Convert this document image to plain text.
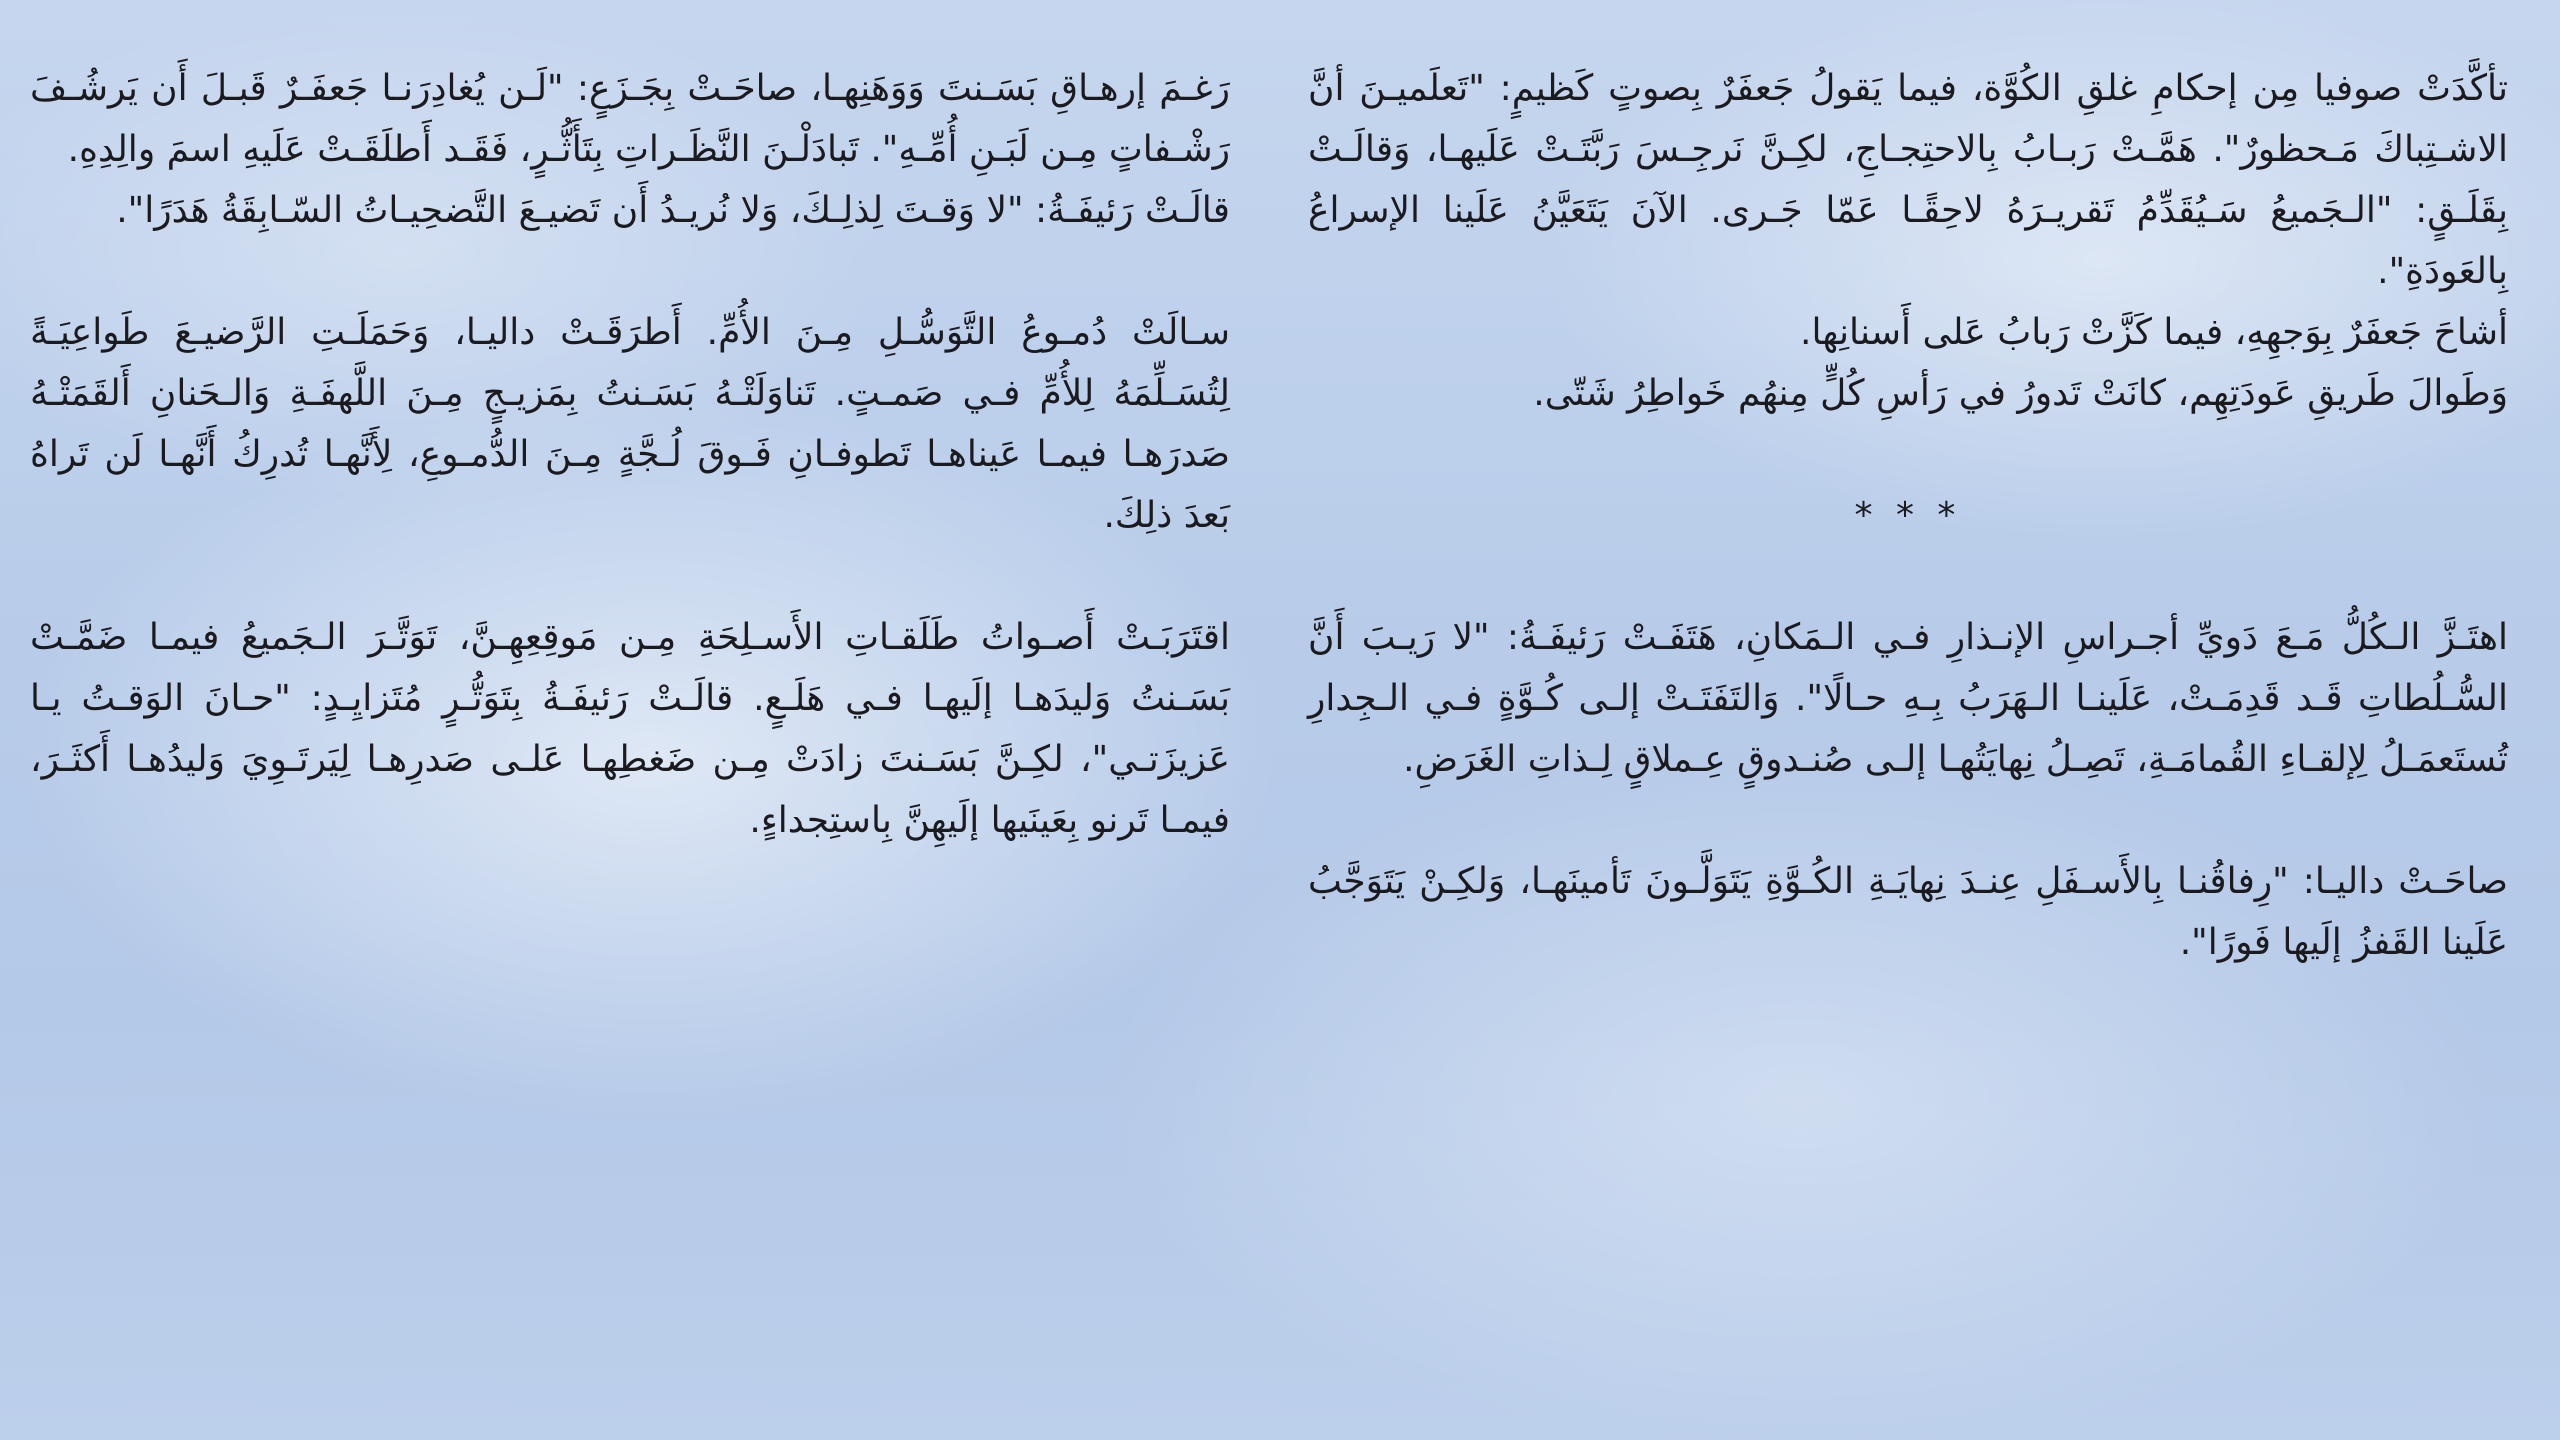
تأكَّدَتْ صوفيا مِن إحكامِ غلقِ الكُوَّة، فيما يَقولُ جَعفَرٌ بِصوتٍ كَظيمٍ: "تَعلَميـنَ أنَّ الاشـتِباكَ مَـحظورٌ". هَمَّـتْ رَبـابُ بِالاحتِجـاجِ، لكِـنَّ نَرجِـسَ رَبَّتَـتْ عَلَيهـا، وَقالَـتْ بِقَلَـقٍ: "الـجَميعُ سَـيُقَدِّمُ تَقريـرَهُ لاحِقًـا عَمّا جَـرى. الآنَ يَتَعَيَّنُ عَلَينا الإسراعُ بِالعَودَةِ".

أشاحَ جَعفَرٌ بِوَجهِهِ، فيما كَزَّتْ رَبابُ عَلى أَسنانِها.

وَطَوالَ طَريقِ عَودَتِهِم، كانَتْ تَدورُ في رَأسِ كُلٍّ مِنهُم خَواطِرُ شَتّى.

* * *

اهتَـزَّ الـكُلُّ مَـعَ دَويِّ أجـراسِ الإنـذارِ فـي الـمَكانِ، هَتَفَـتْ رَئيفَـةُ: "لا رَيـبَ أَنَّ السُّـلُطاتِ قَـد قَدِمَـتْ، عَلَينـا الـهَرَبُ بِـهِ حـالًا". وَالتَفَتَـتْ إلـى كُـوَّةٍ فـي الـجِدارِ تُستَعمَـلُ لِإلقـاءِ القُمامَـةِ، تَصِـلُ نِهايَتُهـا إلـى صُنـدوقٍ عِـملاقٍ لِـذاتِ الغَرَضِ.

صاحَـتْ داليـا: "رِفاقُنـا بِالأَسـفَلِ عِنـدَ نِهايَـةِ الكُـوَّةِ يَتَوَلَّـونَ تَأمينَهـا، وَلكِـنْ يَتَوَجَّبُ عَلَينا القَفزُ إلَيها فَورًا".

رَغـمَ إرهـاقِ بَسَـنتَ وَوَهَنِهـا، صاحَـتْ بِجَـزَعٍ: "لَـن يُغادِرَنـا جَعفَـرٌ قَبـلَ أَن يَرشُـفَ رَشْـفاتٍ مِـن لَبَـنِ أُمِّـهِ". تَبادَلْـنَ النَّظَـراتِ بِتَأَثُّـرٍ، فَقَـد أَطلَقَـتْ عَلَيهِ اسمَ والِدِهِ.

قالَـتْ رَئيفَـةُ: "لا وَقـتَ لِذلِـكَ، وَلا نُريـدُ أَن تَضيـعَ التَّضحِيـاتُ السّـابِقَةُ هَدَرًا".

سـالَتْ دُمـوعُ التَّوَسُّـلِ مِـنَ الأُمِّ. أَطرَقَـتْ داليـا، وَحَمَلَـتِ الرَّضيـعَ طَواعِيَـةً لِتُسَـلِّمَهُ لِلأُمِّ فـي صَمـتٍ. تَناوَلَتْـهُ بَسَـنتُ بِمَزيـجٍ مِـنَ اللَّهفَـةِ وَالـحَنانِ أَلقَمَتْـهُ صَدرَهـا فيمـا عَيناهـا تَطوفـانِ فَـوقَ لُـجَّةٍ مِـنَ الدُّمـوعِ، لِأَنَّهـا تُدرِكُ أَنَّهـا لَن تَراهُ بَعدَ ذلِكَ.

اقتَرَبَـتْ أَصـواتُ طَلَقـاتِ الأَسـلِحَةِ مِـن مَوقِعِهِـنَّ، تَوَتَّـرَ الـجَميعُ فيمـا ضَمَّـتْ بَسَـنتُ وَليدَهـا إلَيهـا فـي هَلَـعٍ. قالَـتْ رَئيفَـةُ بِتَوَتُّـرٍ مُتَزايِـدٍ: "حـانَ الوَقـتُ يـا عَزيزَتـي"، لكِـنَّ بَسَـنتَ زادَتْ مِـن ضَغطِهـا عَلـى صَدرِهـا لِيَرتَـوِيَ وَليدُهـا أَكثَـرَ، فيمـا تَرنو بِعَينَيها إلَيهِنَّ بِاستِجداءٍ.
